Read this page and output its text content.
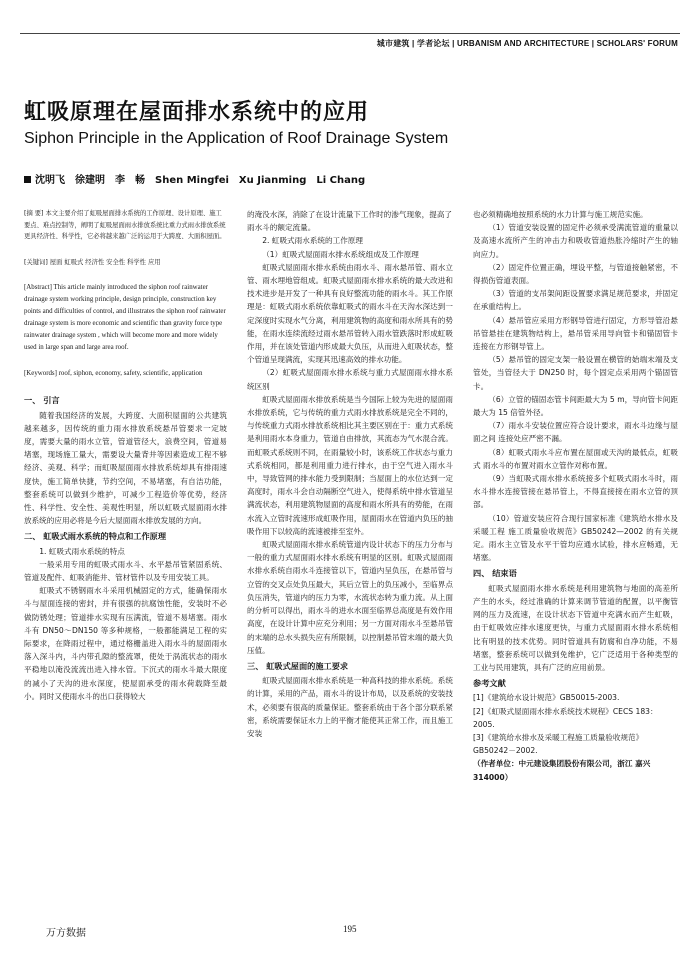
城市建筑 | 学者论坛 | URBANISM AND ARCHITECTURE | SCHOLARS' FORUM
虹吸原理在屋面排水系统中的应用
Siphon Principle in the Application of Roof Drainage System
沈明飞　徐建明　李　畅　Shen Mingfei　Xu Jianming　Li Chang
[摘 要] 本文主要介绍了虹吸屋面排水系统的工作原理、设计原理、施工要点、难点控制等，阐明了虹吸屋面雨水排放系统比重力式雨水排放系统更具经济性、科学性，它必将越来越广泛的运用于大跨度、大面积屋面。
[关键词] 屋面 虹吸式 经济性 安全性 科学性 应用
[Abstract] This article mainly introduced the siphon roof rainwater drainage system working principle, design principle, construction key points and difficulties of control, and illustrates the siphon roof rainwater drainage system is more economic and scientific than gravity force type rainwater drainage system , which will become more and more widely used in large span and large area roof.
[Keywords] roof, siphon, economy, safety, scientific, application
一、 引言
随着我国经济的发展，大跨度、大面积屋面的公共建筑越来越多，因传统的重力雨水排放系统悬吊管要求一定坡度，需要大量的雨水立管，管道管径大，浪费空间，管道易堵塞，现场施工量大，需要设大量背井等因素造成工程不够经济、美观、科学；而虹吸屋面雨水排放系统却具有排雨速度快，施工简单快捷，节约空间，不易堵塞，有自洁功能，整套系统可以做到少维护，可减少工程造价等优势，经济性、科学性、安全性、美观性明显，所以虹吸式屋面雨水排放系统的应用必将是今后大屋面雨水排放发展的方向。
二、 虹吸式雨水系统的特点和工作原理
1. 虹吸式雨水系统的特点
一般采用专用的虹吸式雨水斗、水平悬吊管紧固系统、管道及配件、虹吸消能井、管材管件以及专用安装工具。
虹吸式不锈钢雨水斗采用机械固定的方式，能确保雨水斗与屋面连接的密封，并有很强的抗腐蚀性能，安装时不必做防锈处理；管道排水实现有压满流，管道不易堵塞。雨水斗有 DN50～DN150 等多种规格，一般都能满足工程的实际要求，在降雨过程中，通过格栅盖进入雨水斗的屋面雨水落入深斗内，斗内带孔隙的整流罩，使处于涡流状态的雨水平稳地以淹没流流出进入排水管。下沉式的雨水斗最大限度的减小了天沟的进水深度，使屋面承受的雨水荷载降至最小。同时又使雨水斗的出口获得较大
的淹没水深，消除了在设计流量下工作时的渗气现象，提高了雨水斗的额定流量。
2. 虹吸式雨水系统的工作原理
（1）虹吸式屋面雨水排水系统组成及工作原理
虹吸式屋面雨水排水系统由雨水斗、雨水悬吊管、雨水立管、雨水埋地管组成。虹吸式屋面雨水排水系统的最大改进和技术进步是开发了一种具有良好整流功能的雨水斗。其工作原理是：虹吸式雨水系统依靠虹吸式的雨水斗在天沟水深达到一定深度时实现水气分离，利用建筑物的高度和雨水所具有的势能，在雨水连续流经过雨水悬吊管转入雨水管跌落时形成虹吸作用，并在该处管道内形成最大负压，从而进入虹吸状态，整个管道呈现满流，实现其迅速高效的排水功能。
（2）虹吸式屋面雨水排水系统与重力式屋面雨水排水系统区别
虹吸式屋面雨水排放系统是当今国际上较为先进的屋面雨水排放系统，它与传统的重力式雨水排放系统是完全不同的，与传统重力式雨水排放系统相比其主要区别在于：重力式系统是利用雨水本身重力，管道自由排放，其流态为气水混合流。而虹吸式系统则不同，在雨量较小时，该系统工作状态与重力式系统相同，都是利用重力进行排水，由于空气进入雨水斗中，导致管网的排水能力受到限制；当屋面上的水位达到一定高度时，雨水斗会自动隔断空气进入，使得系统中排水管道呈满流状态，利用建筑物屋面的高度和雨水所具有的势能，在雨水流入立管时流速形成虹吸作用，屋面雨水在管道内负压的抽吸作用下以较高的流速被排至室外。
虹吸式屋面雨水排水系统管道内设计状态下的压力分布与一般的重力式屋面雨水排水系统有明显的区别。虹吸式屋面雨水排水系统自雨水斗连接管以下，管道内呈负压，在悬吊管与立管的交叉点处负压最大，其后立管上的负压减小，至临界点负压消失，管道内的压力为零，水流状态转为重力流。从上面的分析可以得出，雨水斗的进水水面至临界总高度是有效作用高度，在设计计算中应充分利用；另一方面对雨水斗至悬吊管的末端的总水头损失应有所限制，以控制悬吊管末端的最大负压值。
三、 虹吸式屋面的施工要求
虹吸式屋面雨水排水系统是一种高科技的排水系统。系统的计算，采用的产品，雨水斗的设计布局，以及系统的安装技术，必须要有很高的质量保证。整套系统由于各个部分联系紧密，系统需要保证水力上的平衡才能使其正常工作，而且施工安装
也必须精确地按照系统的水力计算与施工规范实施。
（1）管道安装设置的固定件必须承受满流管道的重量以及高速水流所产生的冲击力和吸收管道热胀冷缩时产生的轴向应力。
（2）固定件位置正确，埋设平整，与管道接触紧密，不得损伤管道表面。
（3）管道的支吊架间距设置要求满足规范要求，并固定在承重结构上。
（4）悬吊管应采用方形钢导管进行固定，方形导管沿悬吊管悬挂在建筑物结构上，悬吊管采用导向管卡和锚固管卡连接在方形钢导管上。
（5）悬吊管的固定支架一般设置在横管的始端末端及支管处，当管径大于 DN250 时，每个固定点采用两个锚固管卡。
（6）立管的锚固态管卡间距最大为 5 m，导向管卡间距最大为 15 倍管外径。
（7）雨水斗安装位置应符合设计要求，雨水斗边缘与屋面之间 连接处应严密不漏。
（8）虹吸式雨水斗应布置在屋面或天沟的最低点，虹吸式 雨水斗的布置对雨水立管作对称布置。
（9）当虹吸式雨水排水系统接多个虹吸式雨水斗时，雨水斗排水连接管接在悬吊管上，不得直接接在雨水立管的顶部。
（10）管道安装应符合现行国家标准《建筑给水排水及采暖工程 施工质量验收规范》GB50242—2002 的有关规定。雨水主立管及水平干管均应通水试验，排水应畅通，无堵塞。
四、 结束语
虹吸式屋面雨水排水系统是利用建筑物与地面的高差所产生的水头，经过准确的计算来调节管道的配置，以平衡管网的压力及流速，在设计状态下管道中充满水而产生虹吸，由于虹吸效应排水速度更快，与重力式屋面雨水排水系统相比有明显的技术优势。同时管道具有防腐和自净功能，不易堵塞，整套系统可以做到免维护，它广泛适用于各种类型的工业与民用建筑，具有广泛的应用前景。
参考文献
[1]《建筑给水设计规范》GB50015-2003.
[2]《虹吸式屋面雨水排水系统技术规程》CECS 183：2005.
[3]《建筑给水排水及采暖工程施工质量验收规范》GB50242－2002.
（作者单位：中元建设集团股份有限公司，浙江 嘉兴 314000）
万方数据	195
